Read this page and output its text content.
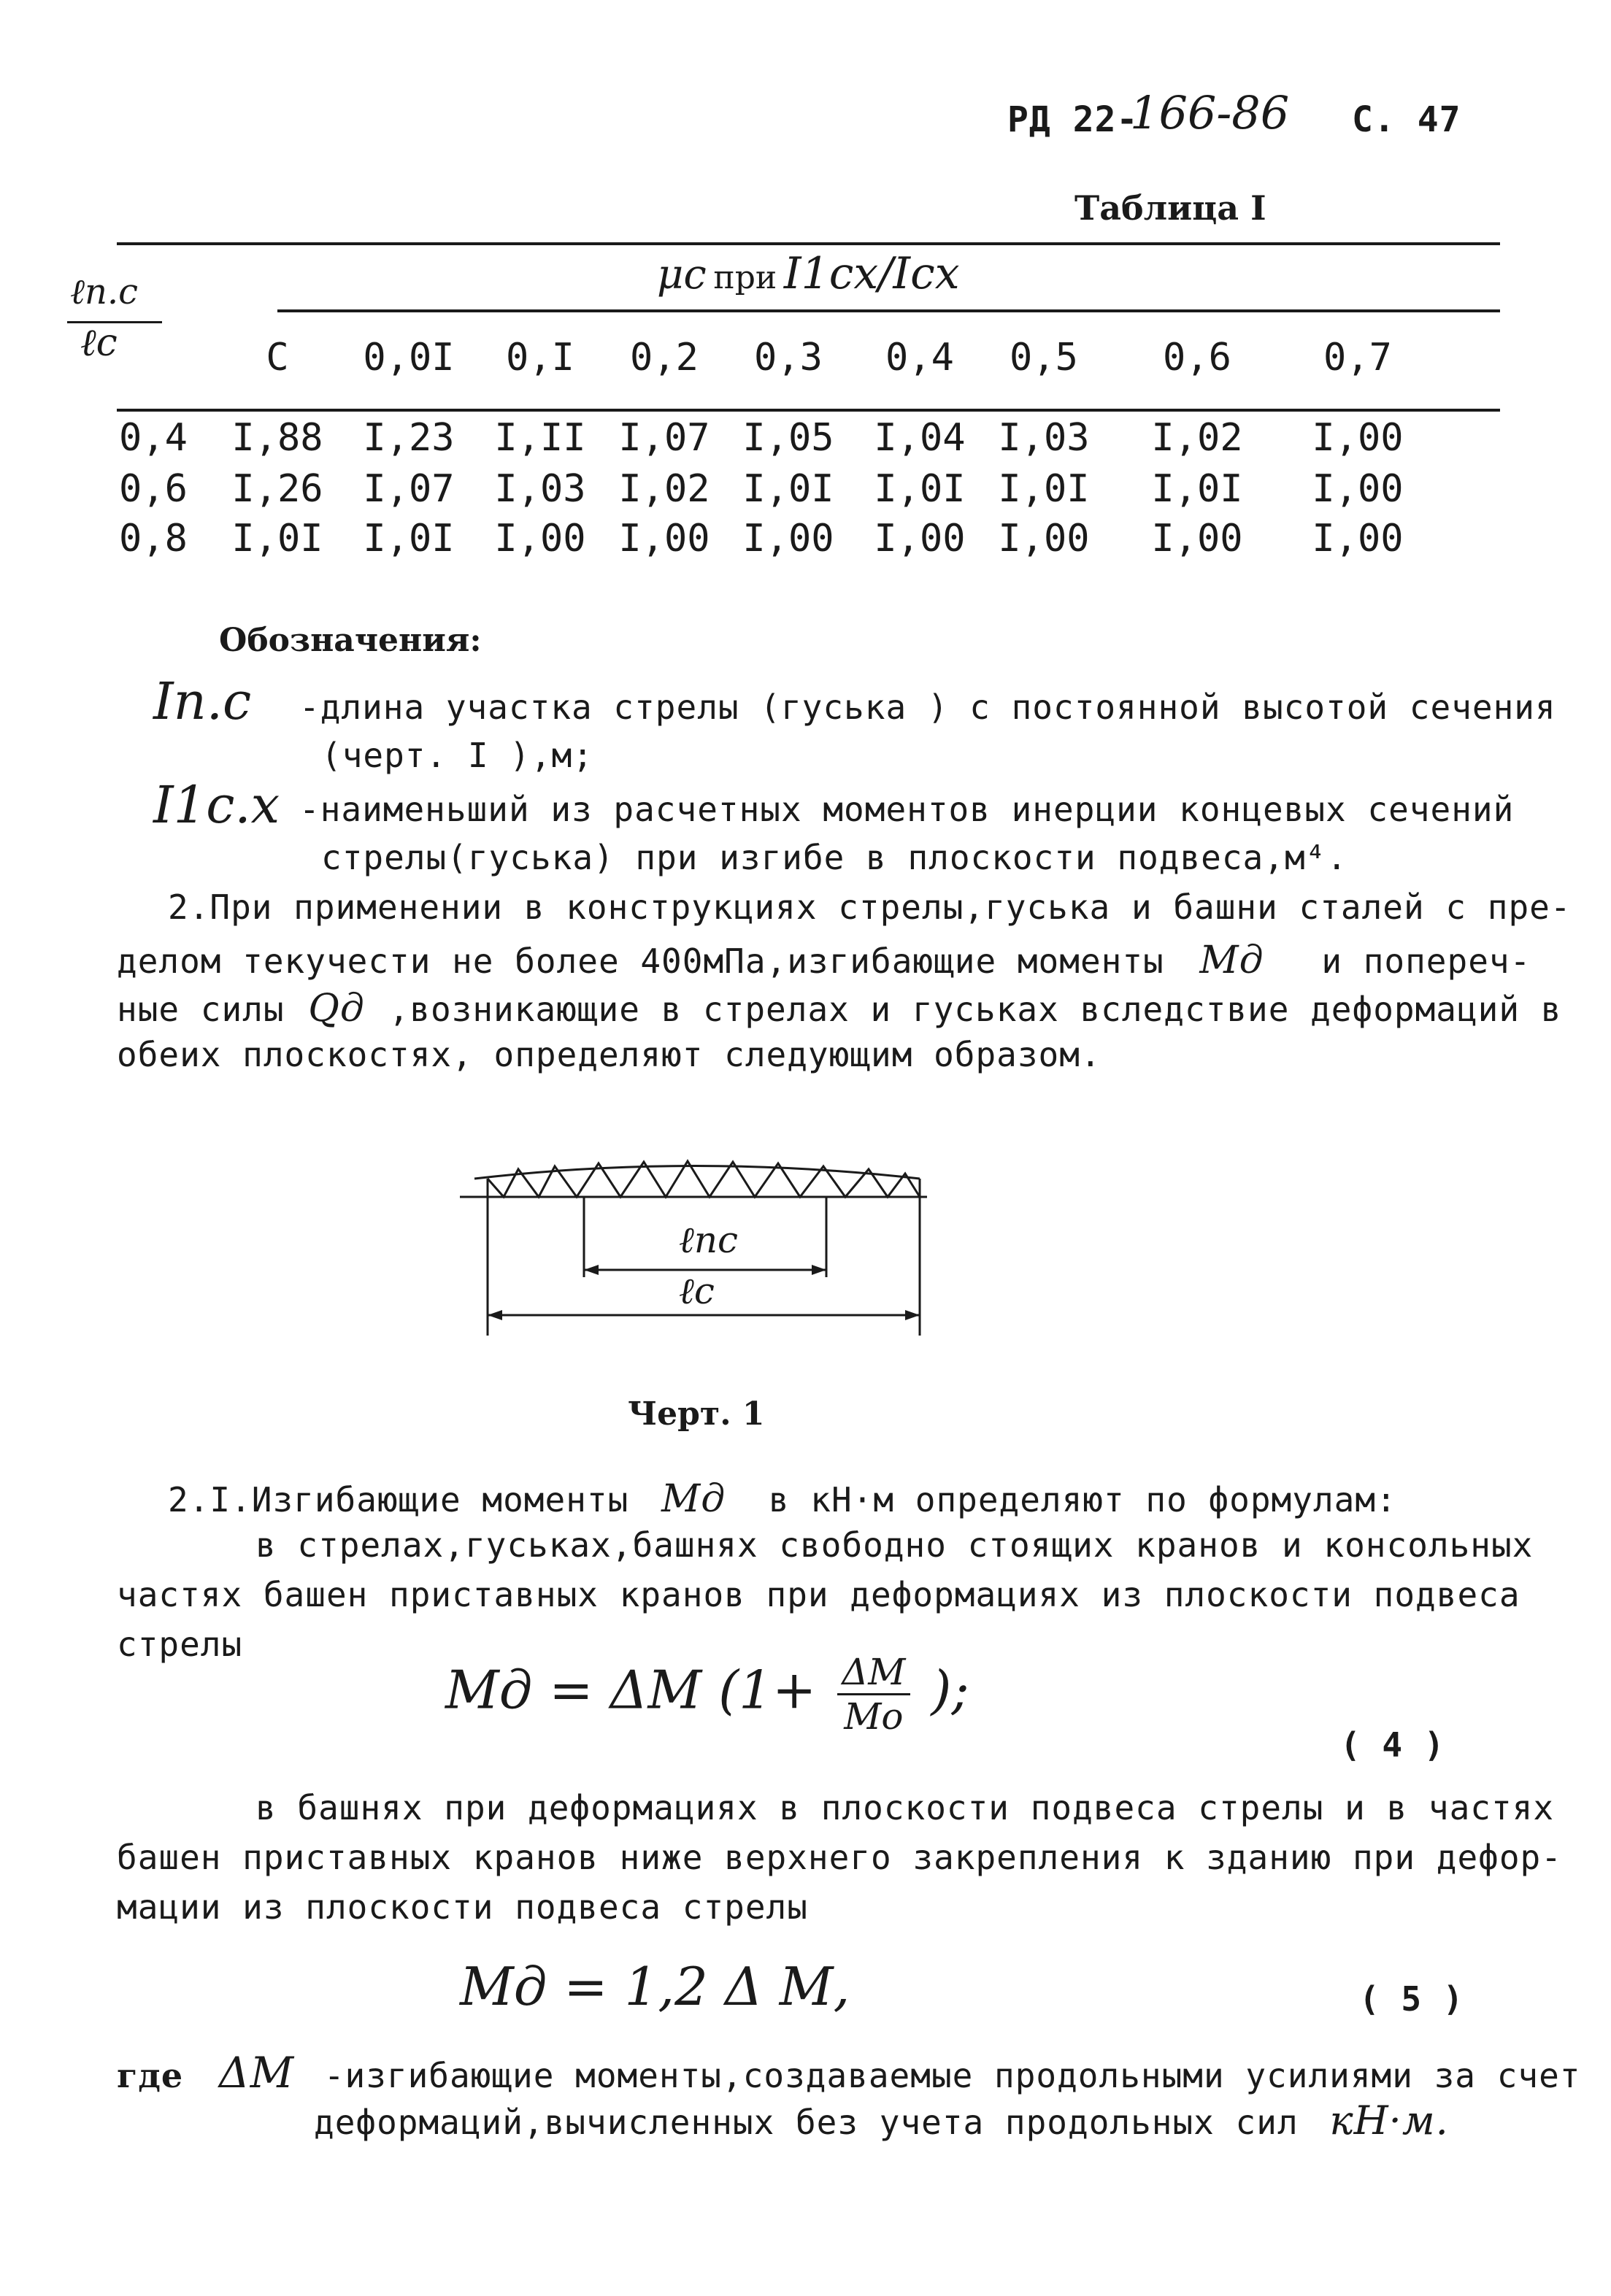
РД 22-
166-86 С. 47
Таблица I
ℓп.с
ℓс
μс при I1сх/Iсх
С	0,0I	0,I	0,2	0,3	0,4	0,5	0,6	0,7
0,4	I,88	I,23	I,II I,07 I,05	I,04 I,03	I,02	I,00
0,6	I,26	I,07	I,03 I,02 I,0I	I,0I I,0I	I,0I	I,00
0,8	I,0I	I,0I	I,00 I,00 I,00	I,00 I,00	I,00	I,00
Обозначения:
Iп.с -длина участка стрелы (гуська ) с постоянной высотой сечения
(черт. I ),м;
I1с.х -наименьший из расчетных моментов инерции концевых сечений
стрелы(гуська) при изгибе в плоскости подвеса,м⁴.
2.При применении в конструкциях стрелы,гуська и башни сталей с пре-
делом текучести не более 400мПа,изгибающие моменты Мд и попереч-
ные силы Qд ,возникающие в стрелах и гуськах вследствие деформаций в
обеих плоскостях, определяют следующим образом.
ℓпс
ℓс
Черт. 1
2.I.Изгибающие моменты Мд в кН·м определяют по формулам:
в стрелах,гуськах,башнях свободно стоящих кранов и консольных
частях башен приставных кранов при деформациях из плоскости подвеса
стрелы
Мд = ΔМ (1+ ΔМ
Мо );
( 4 )
в башнях при деформациях в плоскости подвеса стрелы и в частях
башен приставных кранов ниже верхнего закрепления к зданию при дефор-
мации из плоскости подвеса стрелы
Мд = 1,2 Δ М,	( 5 )
где ΔМ -изгибающие моменты,создаваемые продольными усилиями за счет
деформаций,вычисленных без учета продольных сил кН·м.
